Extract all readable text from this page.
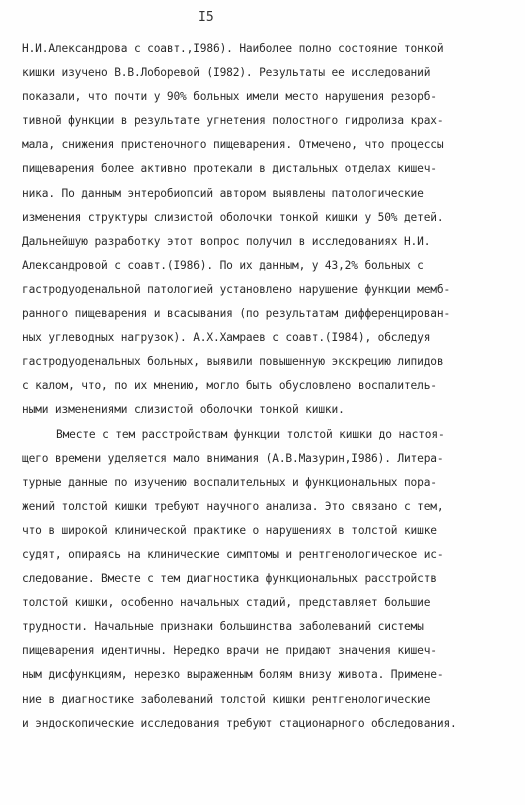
I5
Н.И.Александрова с соавт.,I986). Наиболее полно состояние тонкой
кишки изучено В.В.Лоборевой (I982). Результаты ее исследований
показали, что почти у 90% больных имели место нарушения резорб-
тивной функции в результате угнетения полостного гидролиза крах-
мала, снижения пристеночного пищеварения. Отмечено, что процессы
пищеварения более активно протекали в дистальных отделах кишеч-
ника. По данным энтеробиопсий автором выявлены патологические
изменения структуры слизистой оболочки тонкой кишки у 50% детей.
Дальнейшую разработку этот вопрос получил в исследованиях Н.И.
Александровой с соавт.(I986). По их данным, у 43,2% больных с
гастродуоденальной патологией установлено нарушение функции мемб-
ранного пищеварения и всасывания (по результатам дифференцирован-
ных углеводных нагрузок). А.Х.Хамраев с соавт.(I984), обследуя
гастродуоденальных больных, выявили повышенную экскрецию липидов
с калом, что, по их мнению, могло быть обусловлено воспалитель-
ными изменениями слизистой оболочки тонкой кишки.
Вместе с тем расстройствам функции толстой кишки до настоя-
щего времени уделяется мало внимания (А.В.Мазурин,I986). Литера-
турные данные по изучению воспалительных и функциональных пора-
жений толстой кишки требуют научного анализа. Это связано с тем,
что в широкой клинической практике о нарушениях в толстой кишке
судят, опираясь на клинические симптомы и рентгенологическое ис-
следование. Вместе с тем диагностика функциональных расстройств
толстой кишки, особенно начальных стадий, представляет большие
трудности. Начальные признаки большинства заболеваний системы
пищеварения идентичны. Нередко врачи не придают значения кишеч-
ным дисфункциям, нерезко выраженным болям внизу живота. Примене-
ние в диагностике заболеваний толстой кишки рентгенологические
и эндоскопические исследования требуют стационарного обследования.
